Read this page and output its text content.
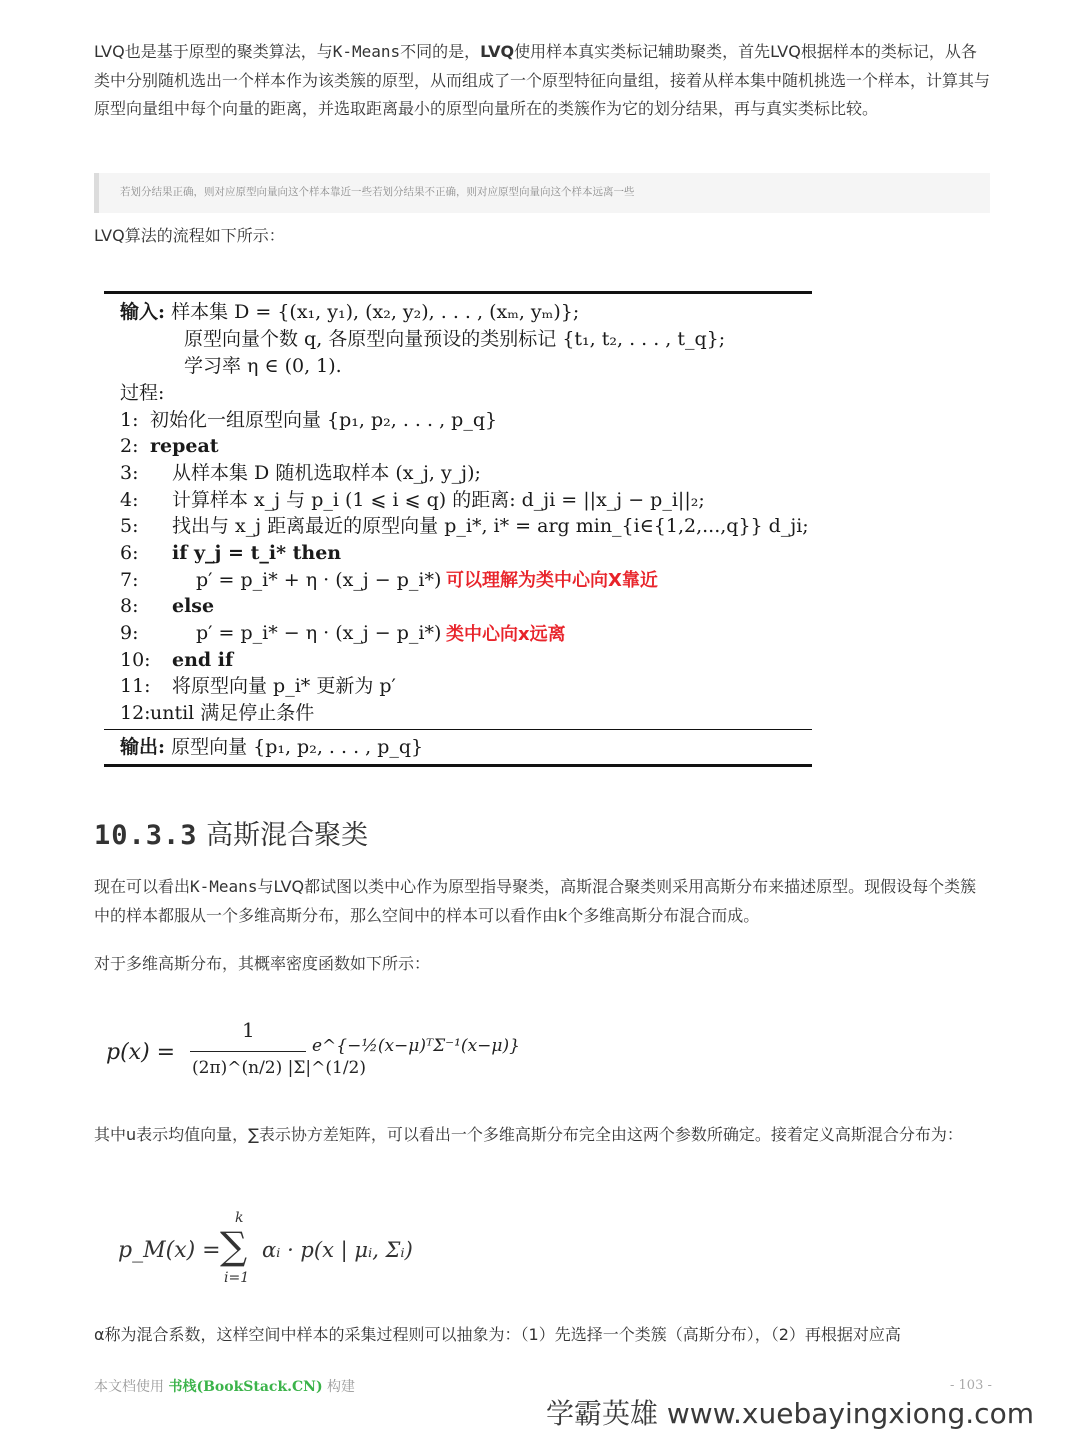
LVQ也是基于原型的聚类算法，与K-Means不同的是，LVQ使用样本真实类标记辅助聚类，首先LVQ根据样本的类标记，从各类中分别随机选出一个样本作为该类簇的原型，从而组成了一个原型特征向量组，接着从样本集中随机挑选一个样本，计算其与原型向量组中每个向量的距离，并选取距离最小的原型向量所在的类簇作为它的划分结果，再与真实类标比较。

若划分结果正确，则对应原型向量向这个样本靠近一些若划分结果不正确，则对应原型向量向这个样本远离一些

LVQ算法的流程如下所示：

输入: 样本集 D = {(x₁, y₁), (x₂, y₂), . . . , (xₘ, yₘ)};
原型向量个数 q, 各原型向量预设的类别标记 {t₁, t₂, . . . , t_q};
学习率 η ∈ (0, 1).
过程:
1: 初始化一组原型向量 {p₁, p₂, . . . , p_q}
2: repeat
3: 从样本集 D 随机选取样本 (x_j, y_j);
4: 计算样本 x_j 与 p_i (1 ⩽ i ⩽ q) 的距离: d_ji = ||x_j − p_i||₂;
5: 找出与 x_j 距离最近的原型向量 p_i*, i* = arg min_{i∈{1,2,...,q}} d_ji;
6: if y_j = t_i* then
7:	p′ = p_i* + η · (x_j − p_i*)
8: else
9:	p′ = p_i* − η · (x_j − p_i*)
10: end if
11: 将原型向量 p_i* 更新为 p′
12:until 满足停止条件
可以理解为类中心向X靠近
类中心向x远离
输出: 原型向量 {p₁, p₂, . . . , p_q}
10.3.3 高斯混合聚类

现在可以看出K-Means与LVQ都试图以类中心作为原型指导聚类，高斯混合聚类则采用高斯分布来描述原型。现假设每个类簇中的样本都服从一个多维高斯分布，那么空间中的样本可以看作由k个多维高斯分布混合而成。

对于多维高斯分布，其概率密度函数如下所示：

p(x) =
1
(2π)^(n/2) |Σ|^(1/2)
e^{−½(x−μ)ᵀΣ⁻¹(x−μ)}

其中u表示均值向量，∑表示协方差矩阵，可以看出一个多维高斯分布完全由这两个参数所确定。接着定义高斯混合分布为：

p_M(x) =
k
∑
i=1
αᵢ · p(x | μᵢ, Σᵢ)

α称为混合系数，这样空间中样本的采集过程则可以抽象为：（1）先选择一个类簇（高斯分布），（2）再根据对应高

本文档使用 书栈(BookStack.CN) 构建	- 103 -
学霸英雄 www.xuebayingxiong.com
